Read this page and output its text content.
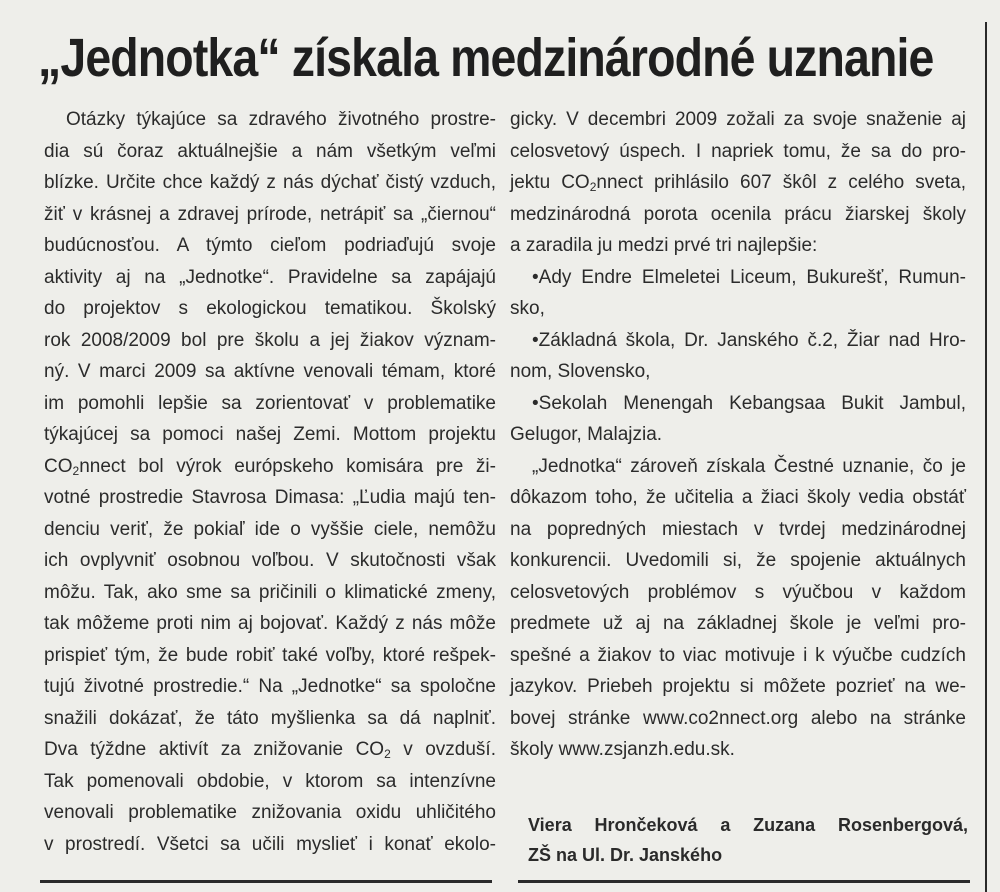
„Jednotka“ získala medzinárodné uznanie
Otázky týkajúce sa zdravého životného prostre-
dia sú čoraz aktuálnejšie a nám všetkým veľmi
blízke. Určite chce každý z nás dýchať čistý vzduch,
žiť v krásnej a zdravej prírode, netrápiť sa „čiernou“
budúcnosťou. A týmto cieľom podriaďujú svoje
aktivity aj na „Jednotke“. Pravidelne sa zapájajú
do projektov s ekologickou tematikou. Školský
rok 2008/2009 bol pre školu a jej žiakov význam-
ný. V marci 2009 sa aktívne venovali témam, ktoré
im pomohli lepšie sa zorientovať v problematike
týkajúcej sa pomoci našej Zemi. Mottom projektu
$CO_2nnect$ bol výrok európskeho komisára pre ži-
votné prostredie Stavrosa Dimasa: „Ľudia majú ten-
denciu veriť, že pokiaľ ide o vyššie ciele, nemôžu
ich ovplyvniť osobnou voľbou. V skutočnosti však
môžu. Tak, ako sme sa pričinili o klimatické zmeny,
tak môžeme proti nim aj bojovať. Každý z nás môže
prispieť tým, že bude robiť také voľby, ktoré rešpek-
tujú životné prostredie.“ Na „Jednotke“ sa spoločne
snažili dokázať, že táto myšlienka sa dá naplniť.
Dva týždne aktivít za znižovanie $CO_2$ v ovzduší.
Tak pomenovali obdobie, v ktorom sa intenzívne
venovali problematike znižovania oxidu uhličitého
v prostredí. Všetci sa učili myslieť i konať ekolo-
gicky. V decembri 2009 zožali za svoje snaženie aj
celosvetový úspech. I napriek tomu, že sa do pro-
jektu $CO_2nnect$ prihlásilo 607 škôl z celého sveta,
medzinárodná porota ocenila prácu žiarskej školy
a zaradila ju medzi prvé tri najlepšie:
•Ady Endre Elmeletei Liceum, Bukurešť, Rumun-
sko,
•Základná škola, Dr. Janského č.2, Žiar nad Hro-
nom, Slovensko,
•Sekolah Menengah Kebangsaa Bukit Jambul,
Gelugor, Malajzia.
„Jednotka“ zároveň získala Čestné uznanie, čo je
dôkazom toho, že učitelia a žiaci školy vedia obstáť
na popredných miestach v tvrdej medzinárodnej
konkurencii. Uvedomili si, že spojenie aktuálnych
celosvetových problémov s výučbou v každom
predmete už aj na základnej škole je veľmi pro-
spešné a žiakov to viac motivuje i k výučbe cudzích
jazykov. Priebeh projektu si môžete pozrieť na we-
bovej stránke www.co2nnect.org alebo na stránke
školy www.zsjanzh.edu.sk.
Viera Hrončeková a Zuzana Rosenbergová,
ZŠ na Ul. Dr. Janského
